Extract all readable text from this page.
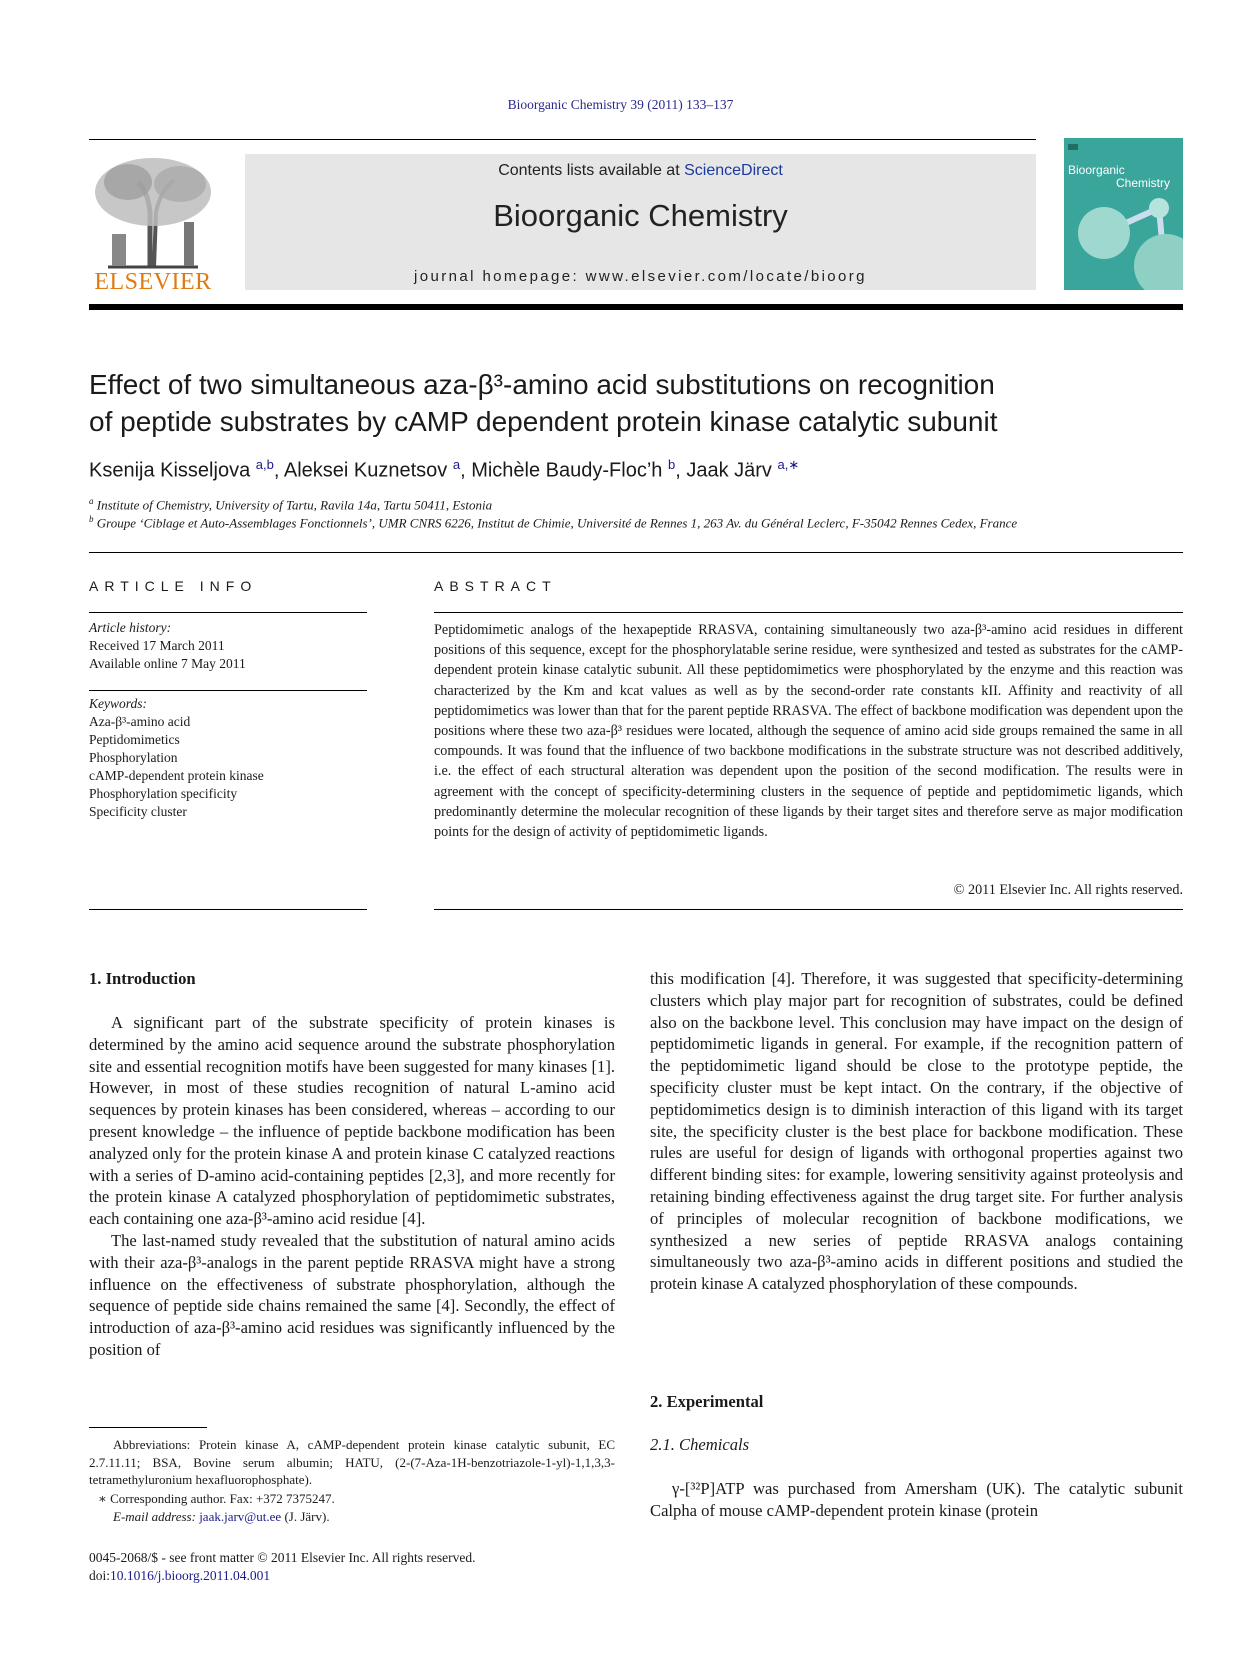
Bioorganic Chemistry 39 (2011) 133–137
ELSEVIER
Contents lists available at ScienceDirect
Bioorganic Chemistry
journal homepage: www.elsevier.com/locate/bioorg
Bioorganic
Chemistry
Effect of two simultaneous aza-β³-amino acid substitutions on recognition
of peptide substrates by cAMP dependent protein kinase catalytic subunit
Ksenija Kisseljova $^{a,b}$, Aleksei Kuznetsov $^a$, Michèle Baudy-Floc’h $^b$, Jaak Järv $^{a,∗}$
$^a$ Institute of Chemistry, University of Tartu, Ravila 14a, Tartu 50411, Estonia
$^b$ Groupe ‘Ciblage et Auto-Assemblages Fonctionnels’, UMR CNRS 6226, Institut de Chimie, Université de Rennes 1, 263 Av. du Général Leclerc, F-35042 Rennes Cedex, France
ARTICLE INFO
Article history:
Received 17 March 2011
Available online 7 May 2011
Keywords:
Aza-β³-amino acid
Peptidomimetics
Phosphorylation
cAMP-dependent protein kinase
Phosphorylation specificity
Specificity cluster
ABSTRACT
Peptidomimetic analogs of the hexapeptide RRASVA, containing simultaneously two aza-β³-amino acid residues in different positions of this sequence, except for the phosphorylatable serine residue, were synthesized and tested as substrates for the cAMP-dependent protein kinase catalytic subunit. All these peptidomimetics were phosphorylated by the enzyme and this reaction was characterized by the Km and kcat values as well as by the second-order rate constants kII. Affinity and reactivity of all peptidomimetics was lower than that for the parent peptide RRASVA. The effect of backbone modification was dependent upon the positions where these two aza-β³ residues were located, although the sequence of amino acid side groups remained the same in all compounds. It was found that the influence of two backbone modifications in the substrate structure was not described additively, i.e. the effect of each structural alteration was dependent upon the position of the second modification. The results were in agreement with the concept of specificity-determining clusters in the sequence of peptide and peptidomimetic ligands, which predominantly determine the molecular recognition of these ligands by their target sites and therefore serve as major modification points for the design of activity of peptidomimetic ligands.
© 2011 Elsevier Inc. All rights reserved.
1. Introduction

A significant part of the substrate specificity of protein kinases is determined by the amino acid sequence around the substrate phosphorylation site and essential recognition motifs have been suggested for many kinases [1]. However, in most of these studies recognition of natural L-amino acid sequences by protein kinases has been considered, whereas – according to our present knowledge – the influence of peptide backbone modification has been analyzed only for the protein kinase A and protein kinase C catalyzed reactions with a series of D-amino acid-containing peptides [2,3], and more recently for the protein kinase A catalyzed phosphorylation of peptidomimetic substrates, each containing one aza-β³-amino acid residue [4].

The last-named study revealed that the substitution of natural amino acids with their aza-β³-analogs in the parent peptide RRASVA might have a strong influence on the effectiveness of substrate phosphorylation, although the sequence of peptide side chains remained the same [4]. Secondly, the effect of introduction of aza-β³-amino acid residues was significantly influenced by the position of

Abbreviations: Protein kinase A, cAMP-dependent protein kinase catalytic subunit, EC 2.7.11.11; BSA, Bovine serum albumin; HATU, (2-(7-Aza-1H-benzotriazole-1-yl)-1,1,3,3-tetramethyluronium hexafluorophosphate).
∗ Corresponding author. Fax: +372 7375247.
E-mail address: jaak.jarv@ut.ee (J. Järv).
0045-2068/$ - see front matter © 2011 Elsevier Inc. All rights reserved.
doi:10.1016/j.bioorg.2011.04.001

this modification [4]. Therefore, it was suggested that specificity-determining clusters which play major part for recognition of substrates, could be defined also on the backbone level. This conclusion may have impact on the design of peptidomimetic ligands in general. For example, if the recognition pattern of the peptidomimetic ligand should be close to the prototype peptide, the specificity cluster must be kept intact. On the contrary, if the objective of peptidomimetics design is to diminish interaction of this ligand with its target site, the specificity cluster is the best place for backbone modification. These rules are useful for design of ligands with orthogonal properties against two different binding sites: for example, lowering sensitivity against proteolysis and retaining binding effectiveness against the drug target site. For further analysis of principles of molecular recognition of backbone modifications, we synthesized a new series of peptide RRASVA analogs containing simultaneously two aza-β³-amino acids in different positions and studied the protein kinase A catalyzed phosphorylation of these compounds.

2. Experimental
2.1. Chemicals

γ-[³²P]ATP was purchased from Amersham (UK). The catalytic subunit Calpha of mouse cAMP-dependent protein kinase (protein
